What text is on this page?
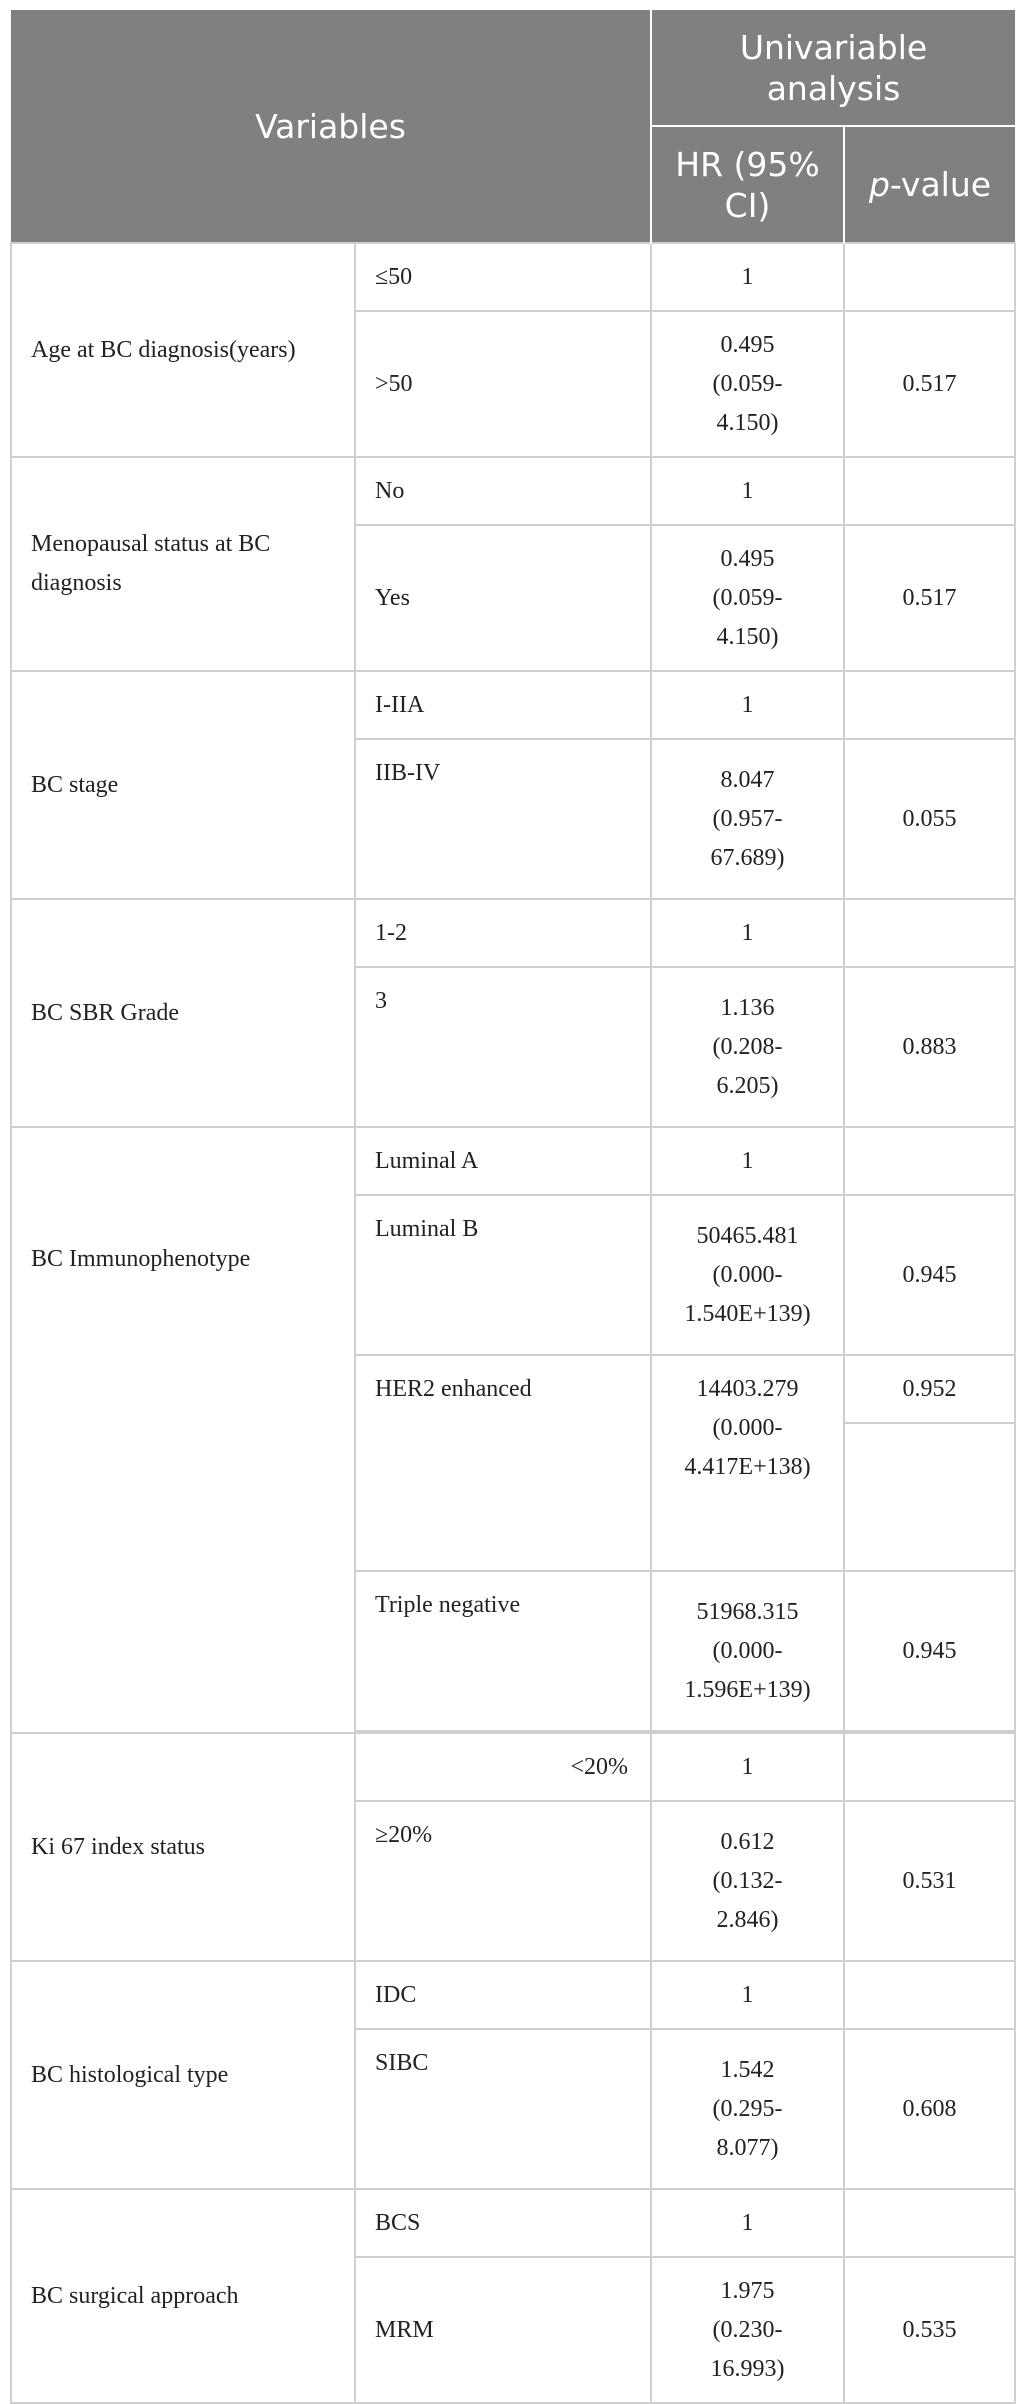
Variables		Univariable analysis	
		HR (95% CI)	p-value
Age at BC diagnosis(years)	≤50	1	
	>50	0.495 (0.059-4.150)	0.517
Menopausal status at BC diagnosis	No	1	
	Yes	0.495 (0.059-4.150)	0.517
BC stage	I-IIA	1	
	IIB-IV	8.047 (0.957-67.689)	0.055
BC SBR Grade	1-2	1	
	3	1.136 (0.208-6.205)	0.883
BC Immunophenotype	Luminal A	1	
	Luminal B	50465.481 (0.000-1.540E+139)	0.945
	HER2 enhanced	14403.279 (0.000-4.417E+138)	0.952

	Triple negative	51968.315 (0.000-1.596E+139)	0.945

Ki 67 index status	<20%	1	
	≥20%	0.612 (0.132-2.846)	0.531
BC histological type	IDC	1	
	SIBC	1.542 (0.295-8.077)	0.608
BC surgical approach	BCS	1	
	MRM	1.975 (0.230-16.993)	0.535
